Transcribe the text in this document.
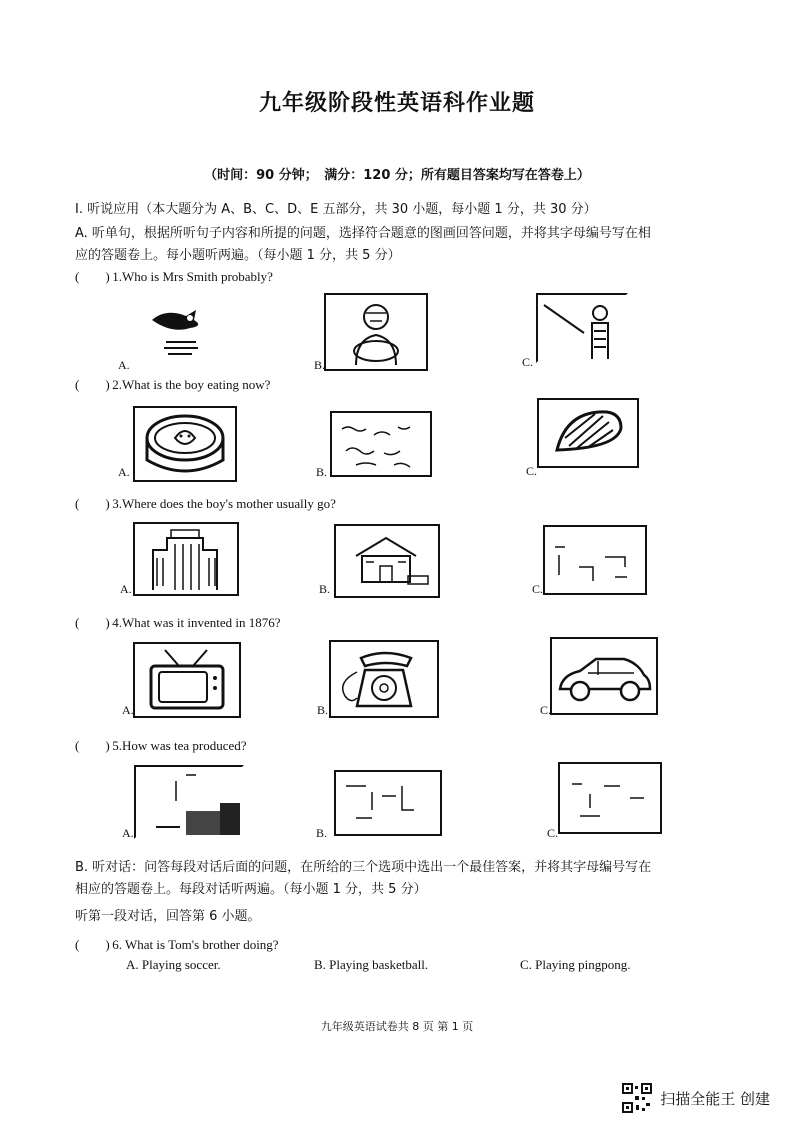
九年级阶段性英语科作业题
（时间：90 分钟；　满分：120 分；所有题目答案均写在答卷上）
I. 听说应用（本大题分为 A、B、C、D、E 五部分，共 30 小题，每小题 1 分，共 30 分）
A. 听单句，根据所听句子内容和所提的问题，选择符合题意的图画回答问题，并将其字母编号写在相
应的答题卷上。每小题听两遍。（每小题 1 分，共 5 分）
(　　) 1.Who is Mrs Smith probably?
A.	B.	C.
(　　) 2.What is the boy eating now?
A.	B.	C.
(　　) 3.Where does the boy's mother usually go?
A.	B.	C.
(　　) 4.What was it invented in 1876?
A.	B.	C.
(　　) 5.How was tea produced?
A.	B.	C.
B. 听对话：问答每段对话后面的问题，在所给的三个选项中选出一个最佳答案，并将其字母编号写在
相应的答题卷上。每段对话听两遍。（每小题 1 分，共 5 分）
听第一段对话，回答第 6 小题。
(　　) 6. What is Tom's brother doing?
A. Playing soccer.	B. Playing basketball.	C. Playing pingpong.
九年级英语试卷共 8 页 第 1 页
扫描全能王 创建
